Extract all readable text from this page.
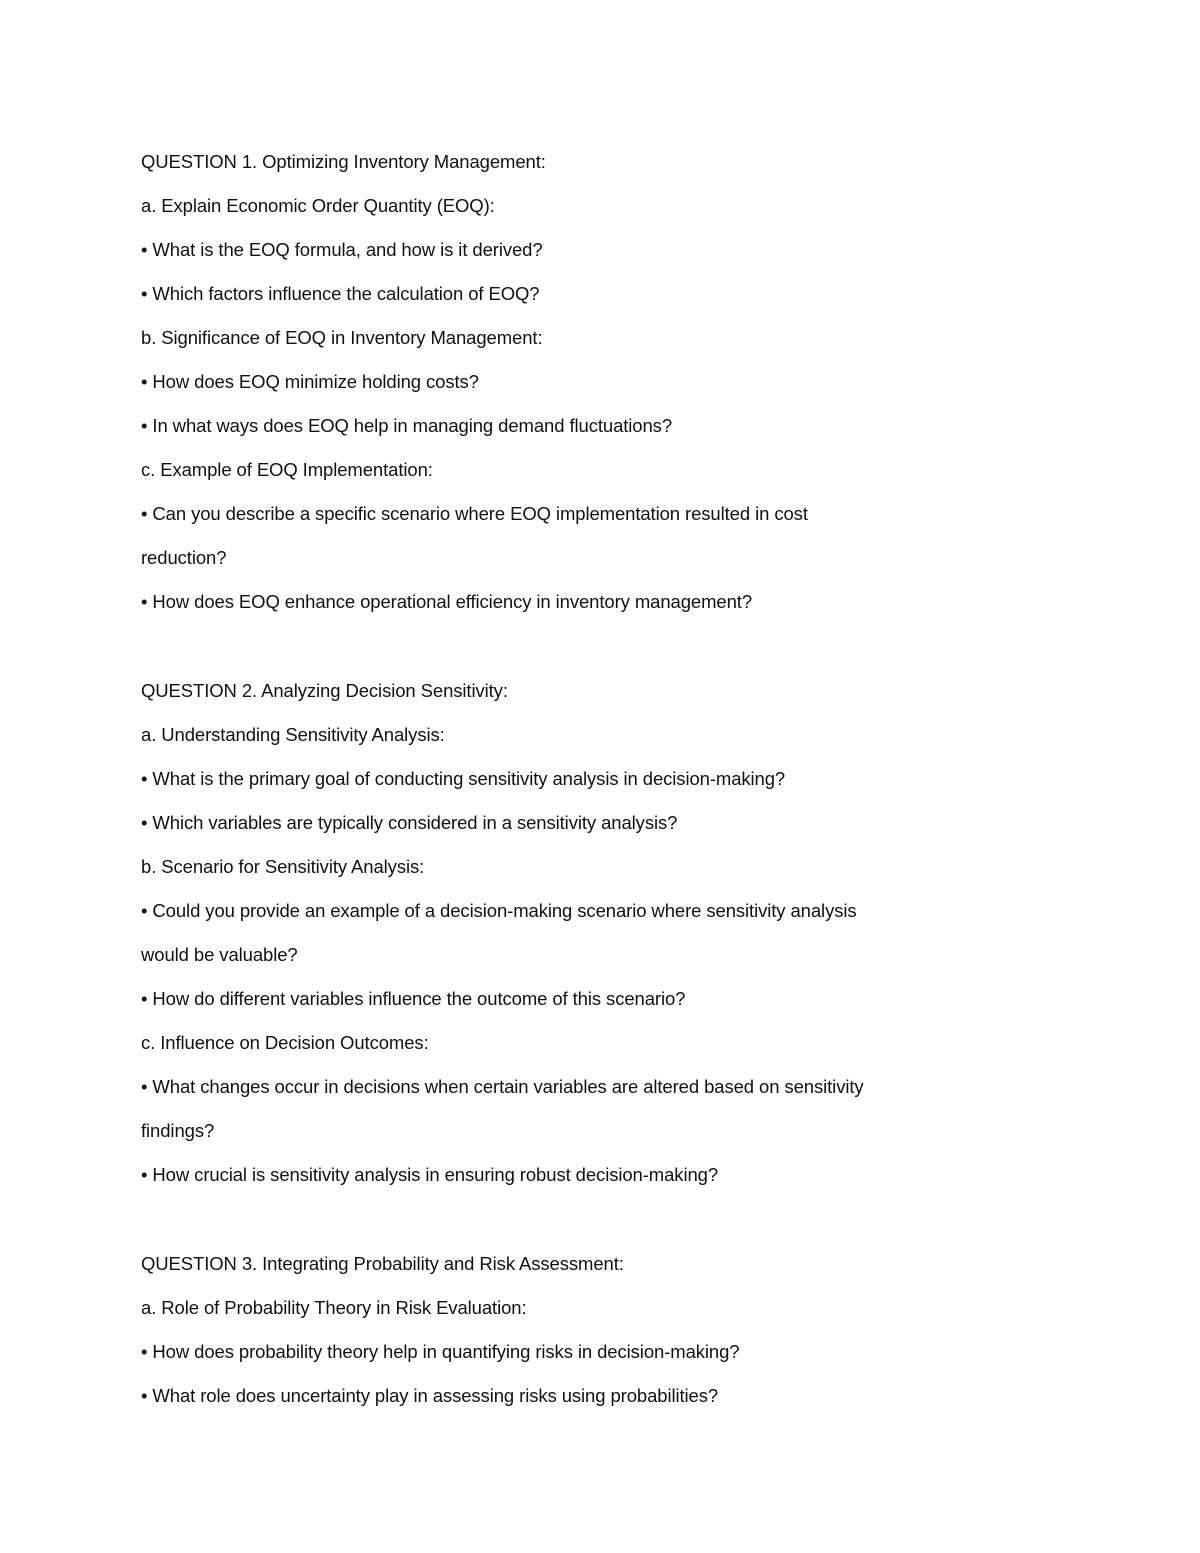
QUESTION 1. Optimizing Inventory Management:
a. Explain Economic Order Quantity (EOQ):
• What is the EOQ formula, and how is it derived?
• Which factors influence the calculation of EOQ?
b. Significance of EOQ in Inventory Management:
• How does EOQ minimize holding costs?
• In what ways does EOQ help in managing demand fluctuations?
c. Example of EOQ Implementation:
• Can you describe a specific scenario where EOQ implementation resulted in cost
reduction?
• How does EOQ enhance operational efficiency in inventory management?
QUESTION 2. Analyzing Decision Sensitivity:
a. Understanding Sensitivity Analysis:
• What is the primary goal of conducting sensitivity analysis in decision-making?
• Which variables are typically considered in a sensitivity analysis?
b. Scenario for Sensitivity Analysis:
• Could you provide an example of a decision-making scenario where sensitivity analysis
would be valuable?
• How do different variables influence the outcome of this scenario?
c. Influence on Decision Outcomes:
• What changes occur in decisions when certain variables are altered based on sensitivity
findings?
• How crucial is sensitivity analysis in ensuring robust decision-making?
QUESTION 3. Integrating Probability and Risk Assessment:
a. Role of Probability Theory in Risk Evaluation:
• How does probability theory help in quantifying risks in decision-making?
• What role does uncertainty play in assessing risks using probabilities?
